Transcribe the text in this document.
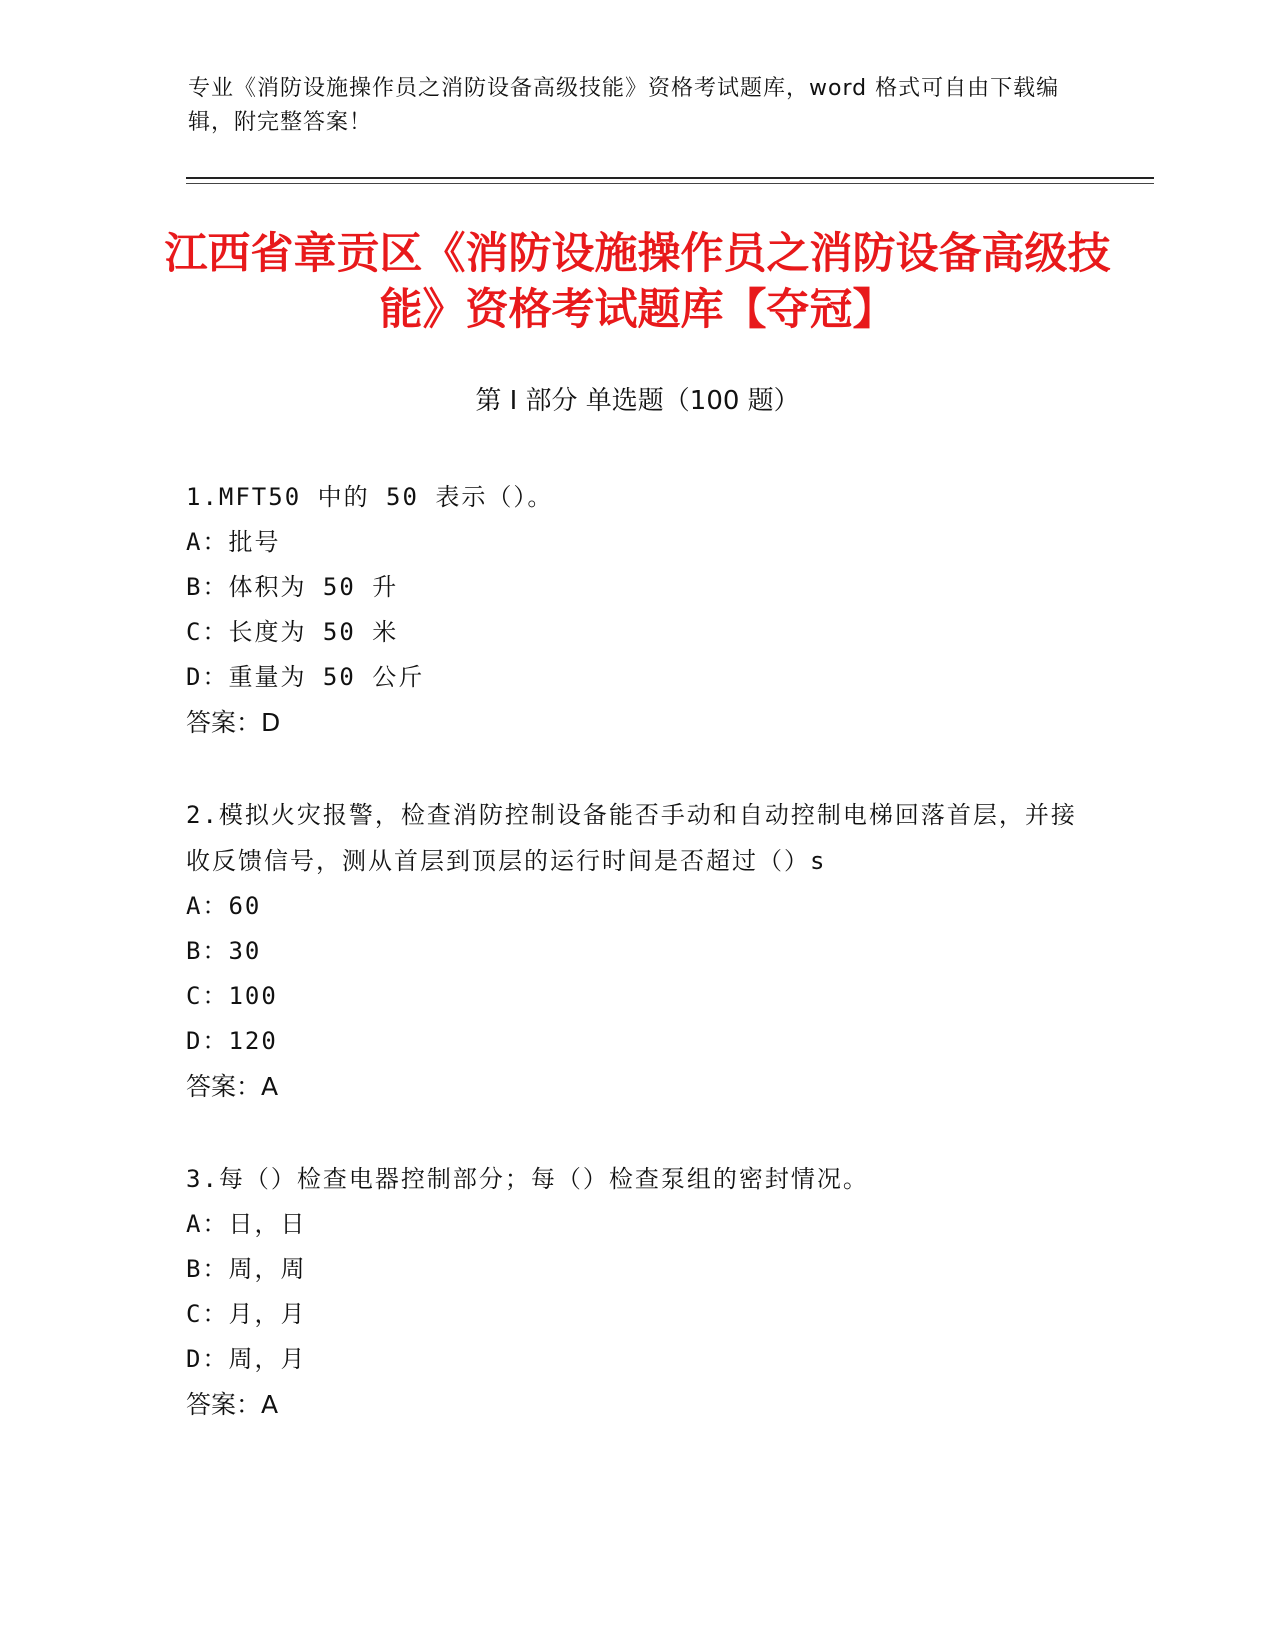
专业《消防设施操作员之消防设备高级技能》资格考试题库，word 格式可自由下载编辑，附完整答案！
江西省章贡区《消防设施操作员之消防设备高级技能》资格考试题库【夺冠】
第 I 部分 单选题（100 题）
1.MFT50 中的 50 表示（）。
A：批号
B：体积为 50 升
C：长度为 50 米
D：重量为 50 公斤
答案：D
2.模拟火灾报警，检查消防控制设备能否手动和自动控制电梯回落首层，并接收反馈信号，测从首层到顶层的运行时间是否超过（）s
A：60
B：30
C：100
D：120
答案：A
3.每（）检查电器控制部分；每（）检查泵组的密封情况。
A：日，日
B：周，周
C：月，月
D：周，月
答案：A
